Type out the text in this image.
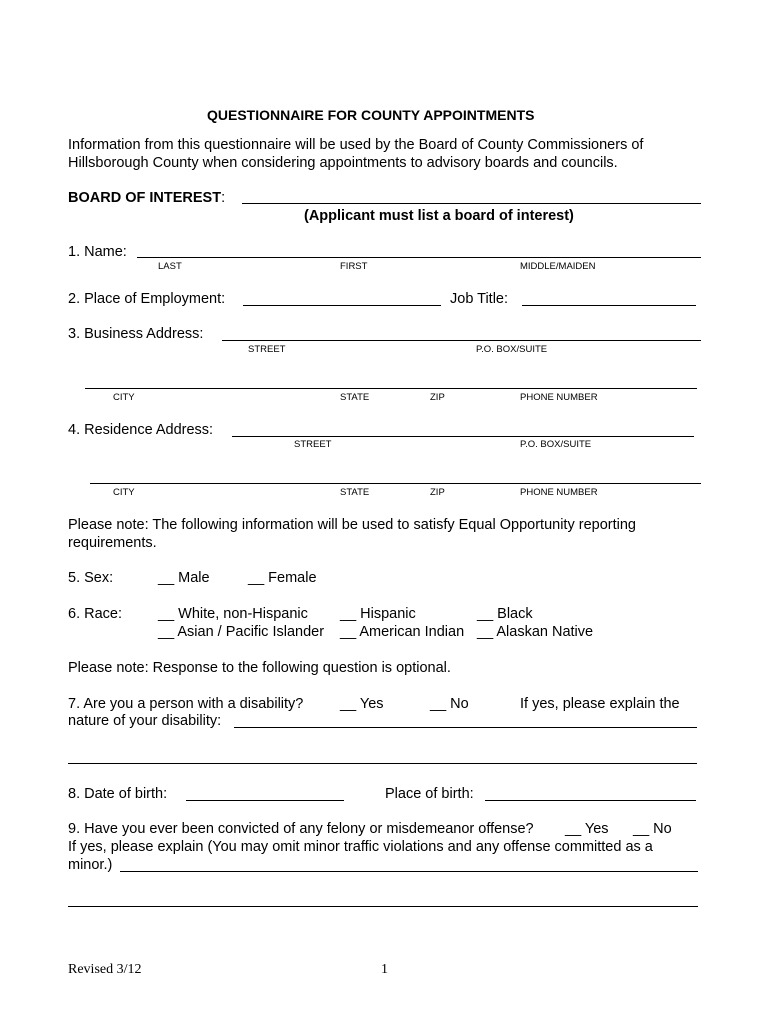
QUESTIONNAIRE FOR COUNTY APPOINTMENTS
Information from this questionnaire will be used by the Board of County Commissioners of
Hillsborough County when considering appointments to advisory boards and councils.
BOARD OF INTEREST:
(Applicant must list a board of interest)
1. Name:
LAST	FIRST	MIDDLE/MAIDEN
2. Place of Employment:	Job Title:
3. Business Address:
STREET	P.O. BOX/SUITE
CITY	STATE	ZIP	PHONE NUMBER
4. Residence Address:
STREET	P.O. BOX/SUITE
CITY	STATE	ZIP	PHONE NUMBER
Please note: The following information will be used to satisfy Equal Opportunity reporting
requirements.
5. Sex:	__ Male	__ Female
6. Race: __ White, non-Hispanic __ Hispanic	__ Black
__ Asian / Pacific Islander __ American Indian __ Alaskan Native
Please note: Response to the following question is optional.
7. Are you a person with a disability?	__ Yes	__ No	If yes, please explain the
nature of your disability:
8. Date of birth:	Place of birth:
9. Have you ever been convicted of any felony or misdemeanor offense? __ Yes __ No
If yes, please explain (You may omit minor traffic violations and any offense committed as a
minor.)
Revised 3/12	1
